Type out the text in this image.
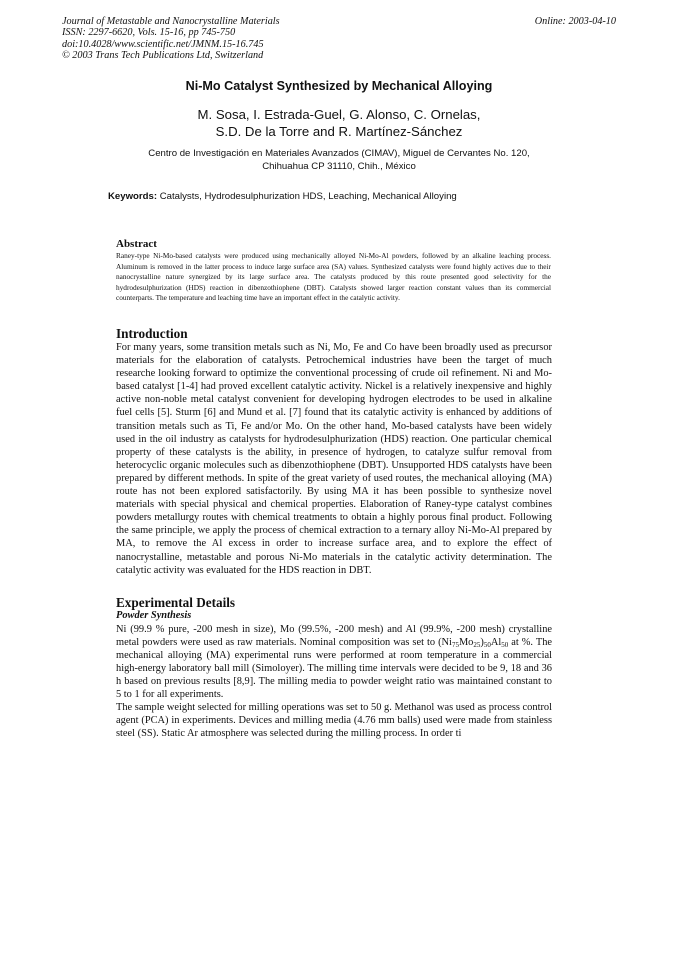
Journal of Metastable and Nanocrystalline Materials
ISSN: 2297-6620, Vols. 15-16, pp 745-750
doi:10.4028/www.scientific.net/JMNM.15-16.745
© 2003 Trans Tech Publications Ltd, Switzerland
Online: 2003-04-10
Ni-Mo Catalyst Synthesized by Mechanical Alloying
M. Sosa, I. Estrada-Guel, G. Alonso, C. Ornelas,
S.D. De la Torre and R. Martínez-Sánchez
Centro de Investigación en Materiales Avanzados (CIMAV), Miguel de Cervantes No. 120,
Chihuahua CP 31110, Chih., México
Keywords: Catalysts, Hydrodesulphurization HDS, Leaching, Mechanical Alloying
Abstract
Raney-type Ni-Mo-based catalysts were produced using mechanically alloyed Ni-Mo-Al powders, followed by an alkaline leaching process. Aluminum is removed in the latter process to induce large surface area (SA) values. Synthesized catalysts were found highly actives due to their nanocrystalline nature synergized by its large surface area. The catalysts produced by this route presented good selectivity for the hydrodesulphurization (HDS) reaction in dibenzothiophene (DBT). Catalysts showed larger reaction constant values than its commercial counterparts. The temperature and leaching time have an important effect in the catalytic activity.
Introduction
For many years, some transition metals such as Ni, Mo, Fe and Co have been broadly used as precursor materials for the elaboration of catalysts. Petrochemical industries have been the target of much researche looking forward to optimize the conventional processing of crude oil refinement. Ni and Mo-based catalyst [1-4] had proved excellent catalytic activity. Nickel is a relatively inexpensive and highly active non-noble metal catalyst convenient for developing hydrogen electrodes to be used in alkaline fuel cells [5]. Sturm [6] and Mund et al. [7] found that its catalytic activity is enhanced by additions of transition metals such as Ti, Fe and/or Mo. On the other hand, Mo-based catalysts have been widely used in the oil industry as catalysts for hydrodesulphurization (HDS) reaction. One particular chemical property of these catalysts is the ability, in presence of hydrogen, to catalyze sulfur removal from heterocyclic organic molecules such as dibenzothiophene (DBT). Unsupported HDS catalysts have been prepared by different methods. In spite of the great variety of used routes, the mechanical alloying (MA) route has not been explored satisfactorily. By using MA it has been possible to synthesize novel materials with special physical and chemical properties. Elaboration of Raney-type catalyst combines powders metallurgy routes with chemical treatments to obtain a highly porous final product. Following the same principle, we apply the process of chemical extraction to a ternary alloy Ni-Mo-Al prepared by MA, to remove the Al excess in order to increase surface area, and to explore the effect of nanocrystalline, metastable and porous Ni-Mo materials in the catalytic activity determination. The catalytic activity was evaluated for the HDS reaction in DBT.
Experimental Details
Powder Synthesis
Ni (99.9 % pure, -200 mesh in size), Mo (99.5%, -200 mesh) and Al (99.9%, -200 mesh) crystalline metal powders were used as raw materials. Nominal composition was set to $(Ni_{75}Mo_{25})_{50}Al_{50}$ at %. The mechanical alloying (MA) experimental runs were performed at room temperature in a commercial high-energy laboratory ball mill (Simoloyer). The milling time intervals were decided to be 9, 18 and 36 h based on previous results [8,9]. The milling media to powder weight ratio was maintained constant to 5 to 1 for all experiments.
The sample weight selected for milling operations was set to 50 g. Methanol was used as process control agent (PCA) in experiments. Devices and milling media (4.76 mm balls) used were made from stainless steel (SS). Static Ar atmosphere was selected during the milling process. In order ti
